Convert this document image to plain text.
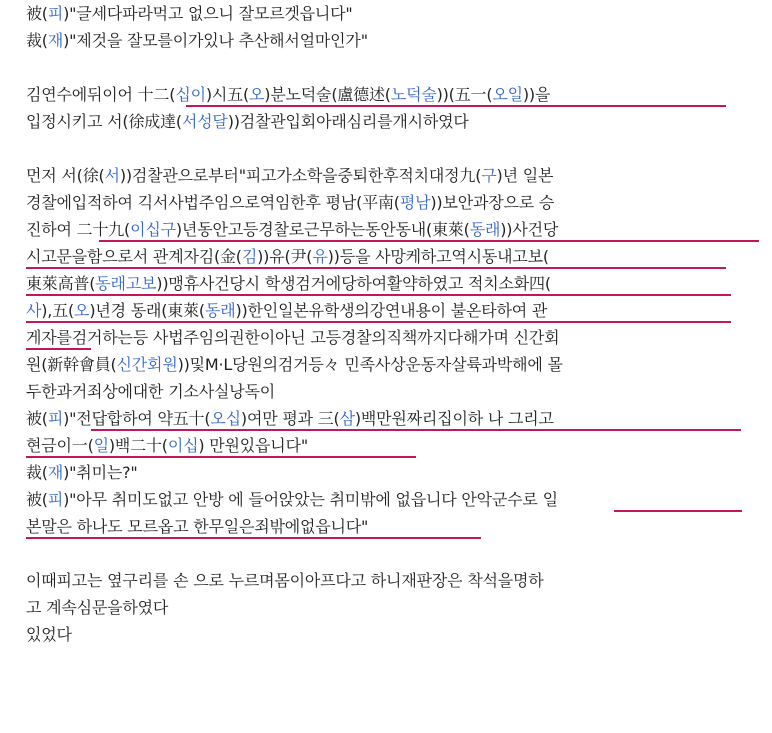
被(피)"글세다파라먹고 없으니 잘모르겟읍니다"
裁(재)"제것을 잘모를이가있나 추산해서얼마인가"
김연수에뒤이어 十二(십이)시五(오)분노덕술(盧德述(노덕술))(五一(오일))을
입정시키고 서(徐成達(서성달))검찰관입회아래심리를개시하였다
먼저 서(徐(서))검찰관으로부터"피고가소학을중퇴한후적치대정九(구)년 일본
경찰에입적하여 긱서사법주임으로역임한후 평남(平南(평남))보안과장으로 승
진하여 二十九(이십구)년동안고등경찰로근무하는동안동내(東萊(동래))사건당
시고문을함으로서 관계자김(金(김))유(尹(유))등을 사망케하고역시동내고보(
東萊高普(동래고보))맹휴사건당시 학생검거에당하여활약하였고 적치소화四(
사),五(오)년경 동래(東萊(동래))한인일본유학생의강연내용이 불온타하여 관
게자를검거하는등 사법주임의권한이아닌 고등경찰의직책까지다해가며 신간회
원(新幹會員(신간회원))및M·L당원의검거등々 민족사상운동자살륙과박해에 몰
두한과거죄상에대한 기소사실낭독이
被(피)"전답합하여 약五十(오십)여만 평과 三(삼)백만원짜리집이하 나 그리고
현금이一(일)백二十(이십) 만원있읍니다"
裁(재)"취미는?"
被(피)"아무 취미도없고 안방 에 들어앉았는 취미밖에 없읍니다 안악군수로 일
본말은 하나도 모르옵고 한무일은죄밖에없읍니다"
이때피고는 옆구리를 손 으로 누르며몸이아프다고 하니재판장은 착석을명하
고 계속심문을하였다
있었다
